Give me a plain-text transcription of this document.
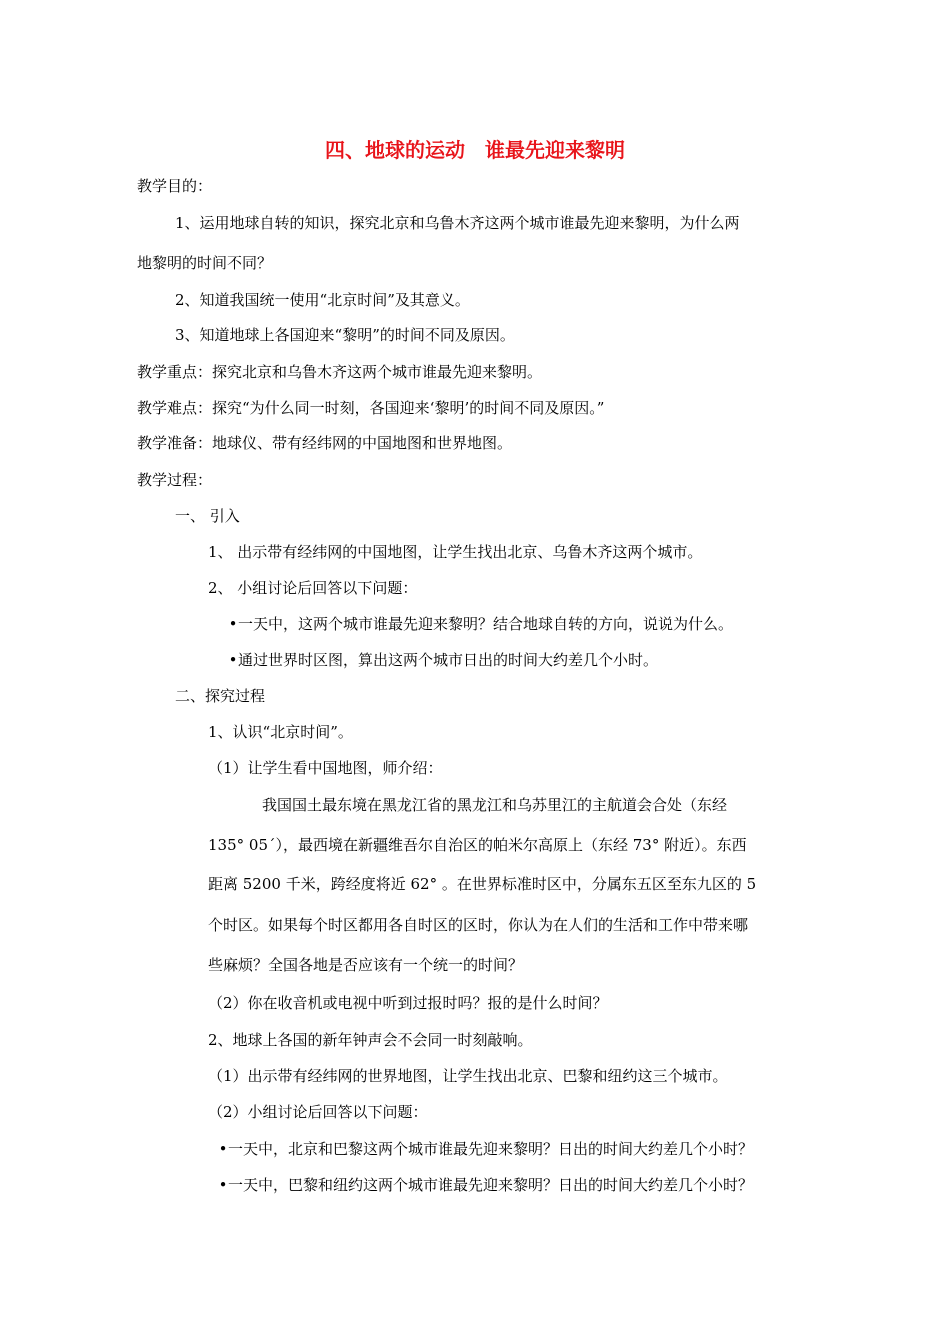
四、地球的运动　谁最先迎来黎明
教学目的：
1、运用地球自转的知识，探究北京和乌鲁木齐这两个城市谁最先迎来黎明，为什么两
地黎明的时间不同？
2、知道我国统一使用“北京时间”及其意义。
3、知道地球上各国迎来“黎明”的时间不同及原因。
教学重点：探究北京和乌鲁木齐这两个城市谁最先迎来黎明。
教学难点：探究“为什么同一时刻，各国迎来‘黎明’的时间不同及原因。”
教学准备：地球仪、带有经纬网的中国地图和世界地图。
教学过程：
一、 引入
1、 出示带有经纬网的中国地图，让学生找出北京、乌鲁木齐这两个城市。
2、 小组讨论后回答以下问题：
•一天中，这两个城市谁最先迎来黎明？结合地球自转的方向，说说为什么。
•通过世界时区图，算出这两个城市日出的时间大约差几个小时。
二、探究过程
1、认识“北京时间”。
（1）让学生看中国地图，师介绍：
我国国土最东境在黑龙江省的黑龙江和乌苏里江的主航道会合处（东经
135° 05´），最西境在新疆维吾尔自治区的帕米尔高原上（东经 73° 附近）。东西
距离 5200 千米，跨经度将近 62° 。在世界标准时区中，分属东五区至东九区的 5
个时区。如果每个时区都用各自时区的区时，你认为在人们的生活和工作中带来哪
些麻烦？全国各地是否应该有一个统一的时间？
（2）你在收音机或电视中听到过报时吗？报的是什么时间？
2、地球上各国的新年钟声会不会同一时刻敲响。
（1）出示带有经纬网的世界地图，让学生找出北京、巴黎和纽约这三个城市。
（2）小组讨论后回答以下问题：
•一天中，北京和巴黎这两个城市谁最先迎来黎明？日出的时间大约差几个小时？
•一天中，巴黎和纽约这两个城市谁最先迎来黎明？日出的时间大约差几个小时？
